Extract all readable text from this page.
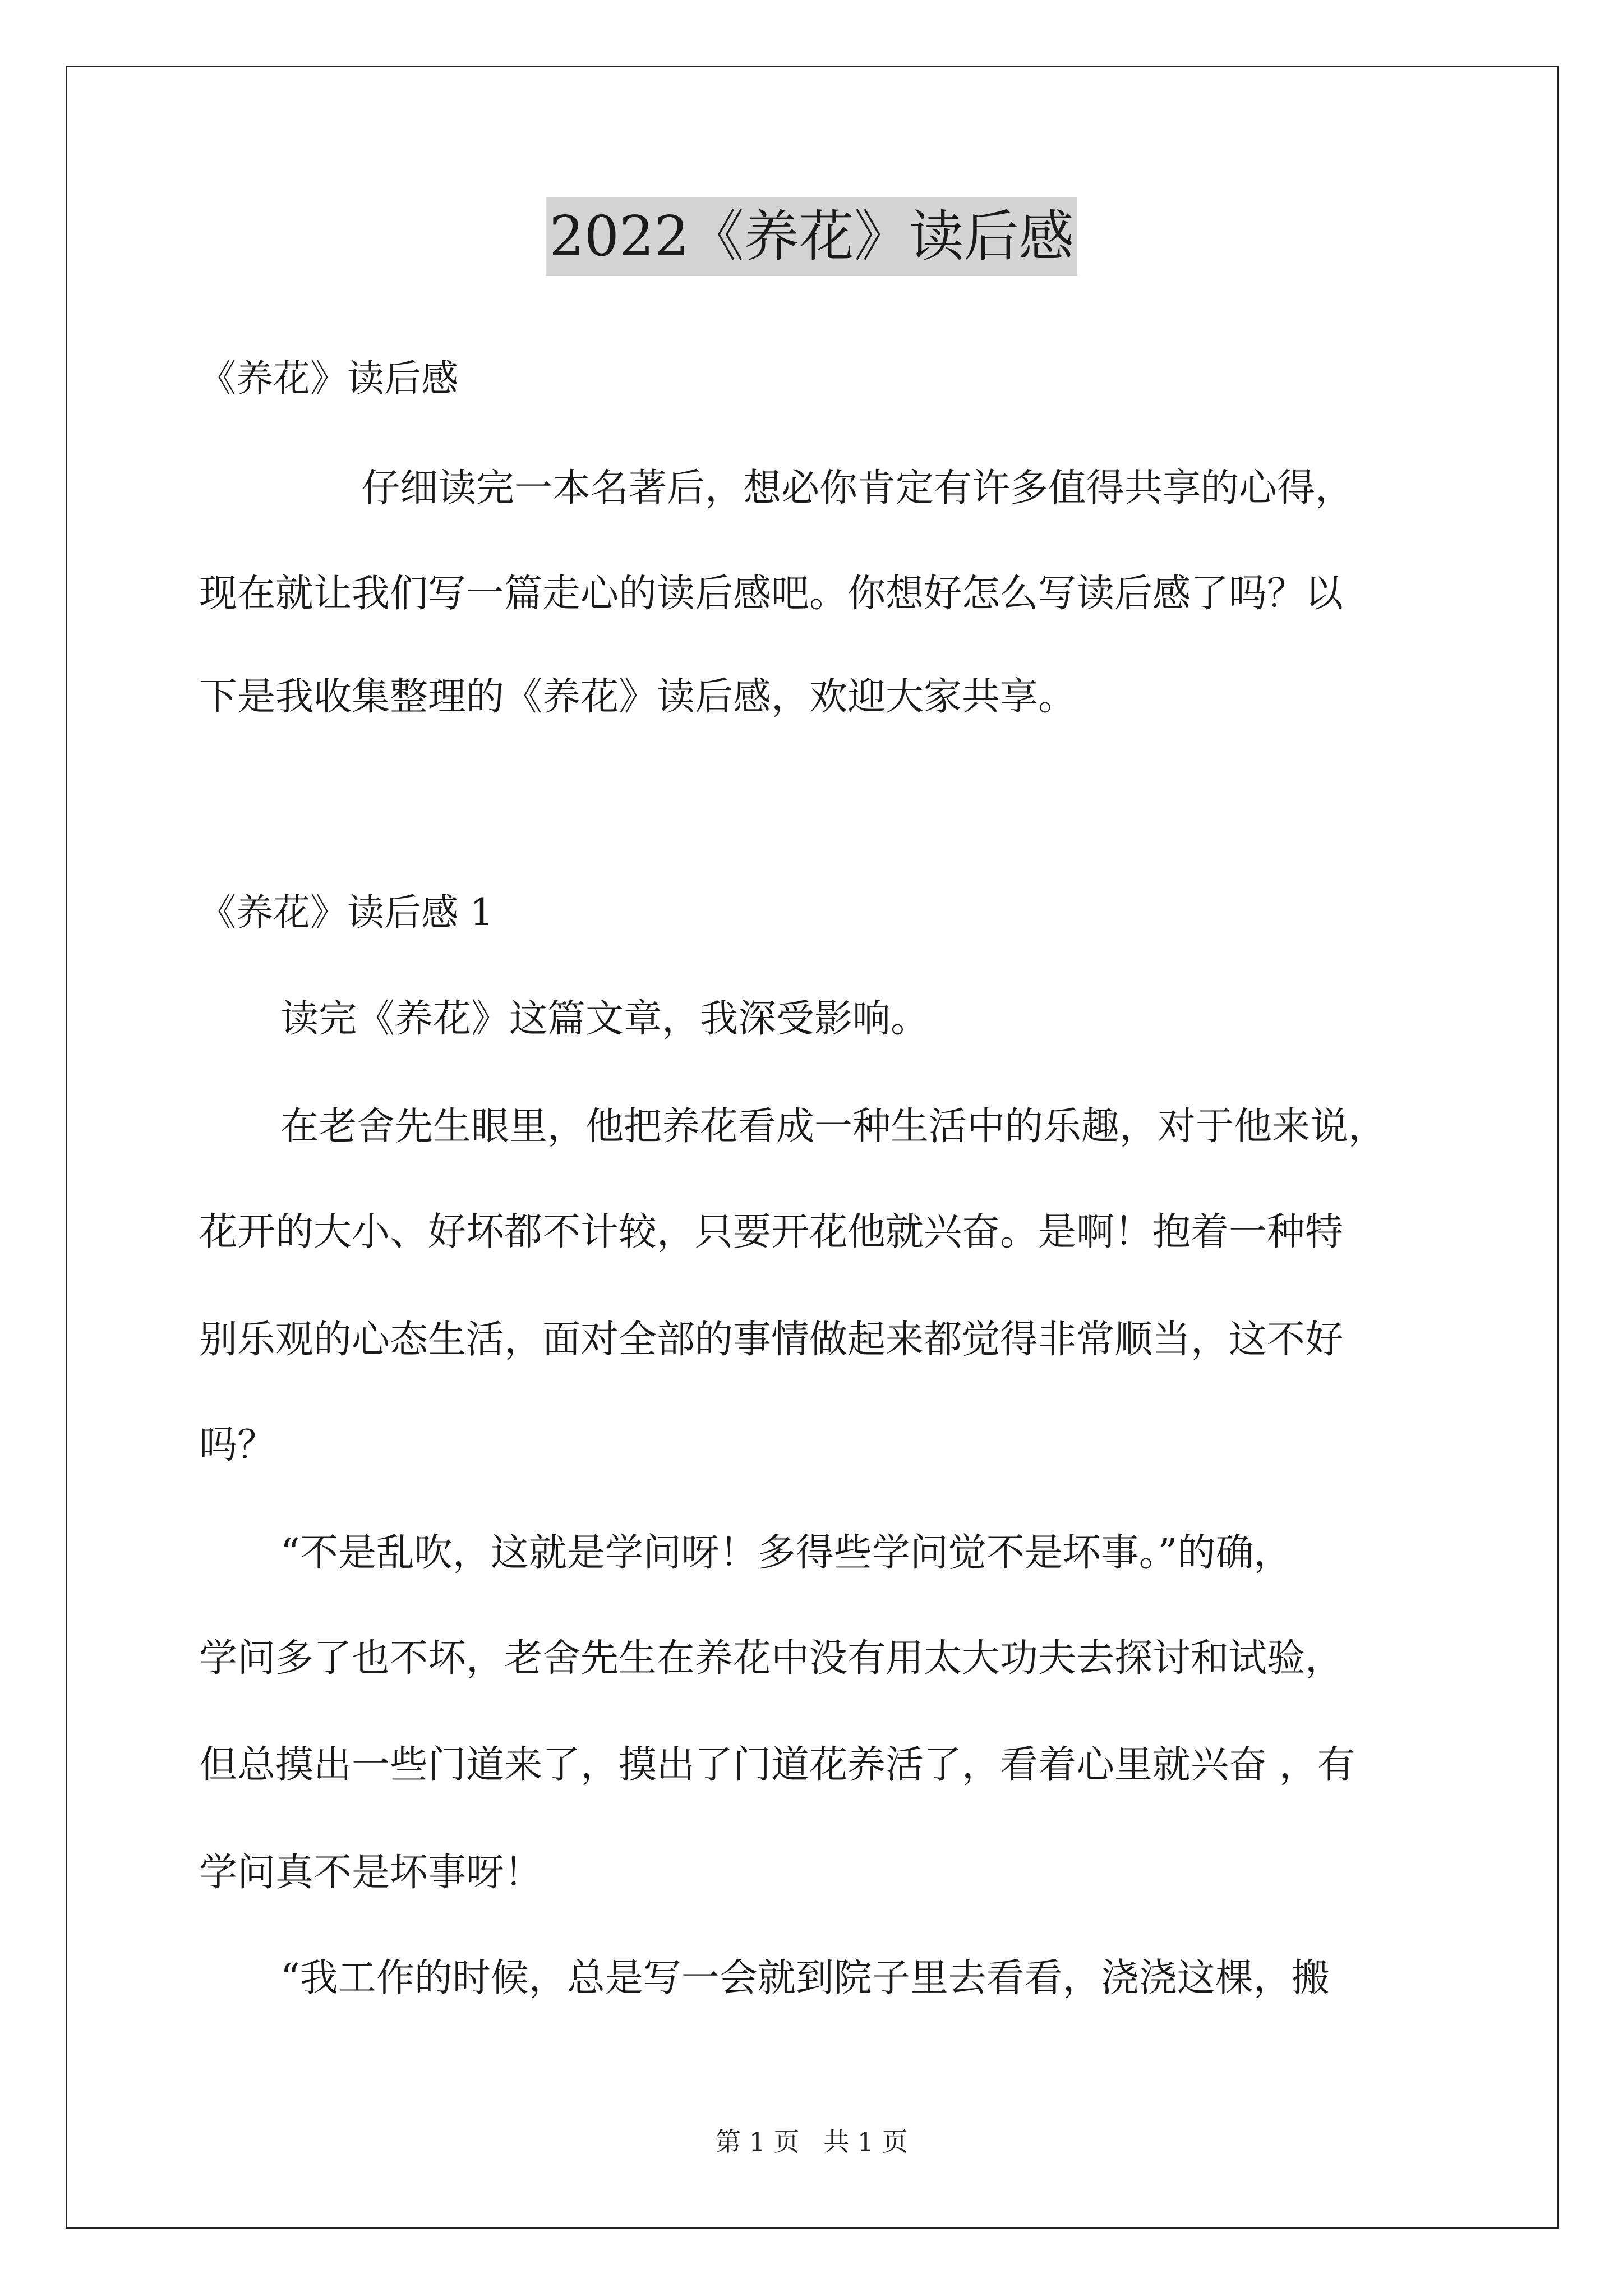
2022《养花》读后感
《养花》读后感
仔细读完一本名著后，想必你肯定有许多值得共享的心得，
现在就让我们写一篇走心的读后感吧。你想好怎么写读后感了吗？以
下是我收集整理的《养花》读后感，欢迎大家共享。
《养花》读后感 1
读完《养花》这篇文章，我深受影响。
在老舍先生眼里，他把养花看成一种生活中的乐趣，对于他来说，
花开的大小、好坏都不计较，只要开花他就兴奋。是啊！抱着一种特
别乐观的心态生活，面对全部的事情做起来都觉得非常顺当，这不好
吗？
“不是乱吹，这就是学问呀！多得些学问觉不是坏事。”的确，
学问多了也不坏，老舍先生在养花中没有用太大功夫去探讨和试验，
但总摸出一些门道来了，摸出了门道花养活了，看着心里就兴奋 ，有
学问真不是坏事呀！
“我工作的时候，总是写一会就到院子里去看看，浇浇这棵，搬
第 1 页 共 1 页
